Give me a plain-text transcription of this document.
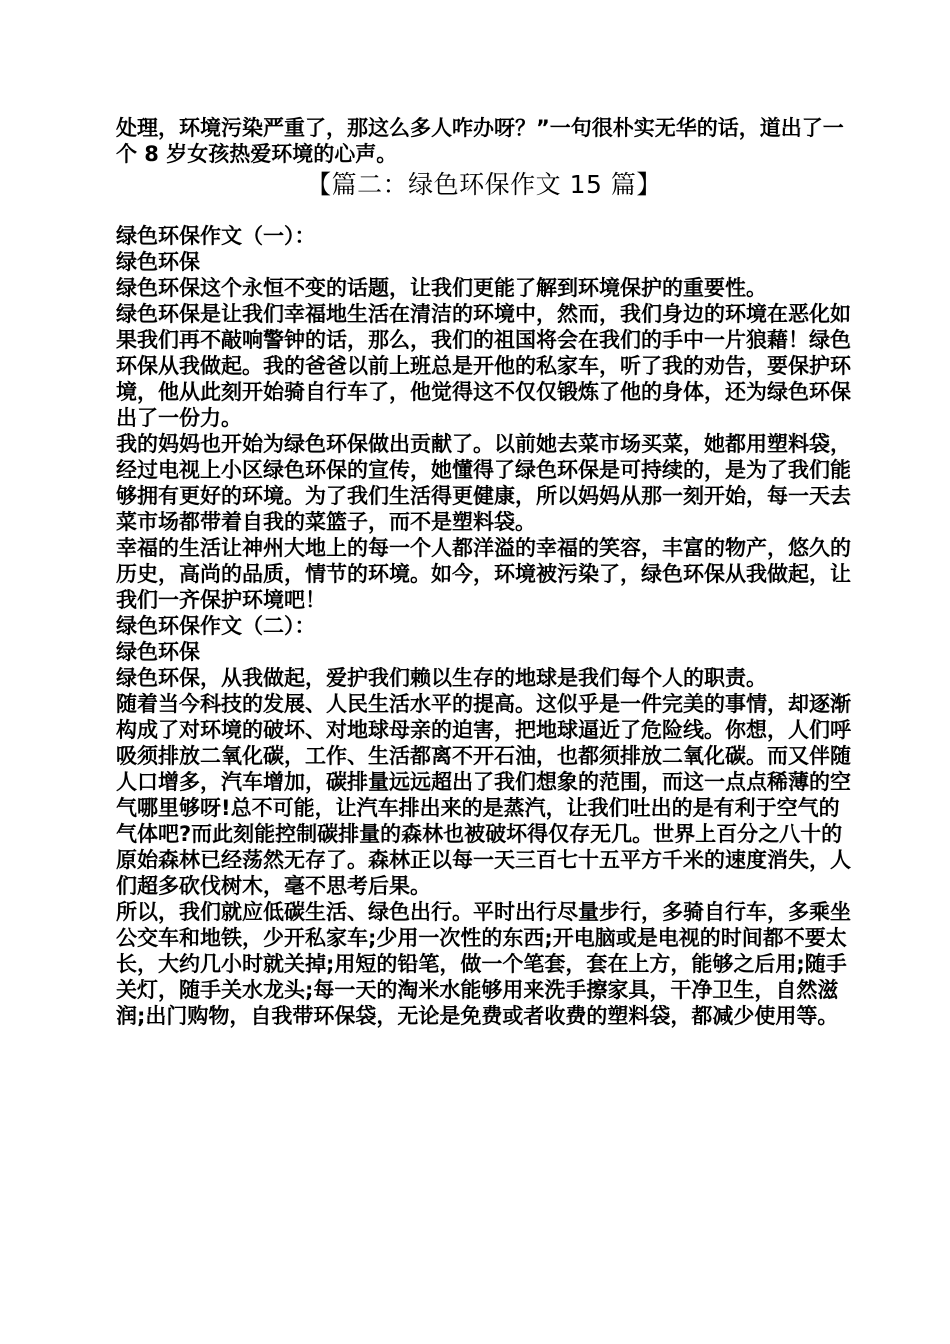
处理，环境污染严重了，那这么多人咋办呀？”一句很朴实无华的话，道出了一个 8 岁女孩热爱环境的心声。

【篇二：绿色环保作文 15 篇】

绿色环保作文（一）：

绿色环保

绿色环保这个永恒不变的话题，让我们更能了解到环境保护的重要性。

绿色环保是让我们幸福地生活在清洁的环境中，然而，我们身边的环境在恶化如果我们再不敲响警钟的话，那么，我们的祖国将会在我们的手中一片狼藉！绿色环保从我做起。我的爸爸以前上班总是开他的私家车，听了我的劝告，要保护环境，他从此刻开始骑自行车了，他觉得这不仅仅锻炼了他的身体，还为绿色环保出了一份力。

我的妈妈也开始为绿色环保做出贡献了。以前她去菜市场买菜，她都用塑料袋，经过电视上小区绿色环保的宣传，她懂得了绿色环保是可持续的，是为了我们能够拥有更好的环境。为了我们生活得更健康，所以妈妈从那一刻开始，每一天去菜市场都带着自我的菜篮子，而不是塑料袋。

幸福的生活让神州大地上的每一个人都洋溢的幸福的笑容，丰富的物产，悠久的历史，高尚的品质，情节的环境。如今，环境被污染了，绿色环保从我做起，让我们一齐保护环境吧！

绿色环保作文（二）：

绿色环保

绿色环保，从我做起，爱护我们赖以生存的地球是我们每个人的职责。

随着当今科技的发展、人民生活水平的提高。这似乎是一件完美的事情，却逐渐构成了对环境的破坏、对地球母亲的迫害，把地球逼近了危险线。你想，人们呼吸须排放二氧化碳，工作、生活都离不开石油，也都须排放二氧化碳。而又伴随人口增多，汽车增加，碳排量远远超出了我们想象的范围，而这一点点稀薄的空气哪里够呀!总不可能，让汽车排出来的是蒸汽，让我们吐出的是有利于空气的气体吧?而此刻能控制碳排量的森林也被破坏得仅存无几。世界上百分之八十的原始森林已经荡然无存了。森林正以每一天三百七十五平方千米的速度消失，人们超多砍伐树木，毫不思考后果。

所以，我们就应低碳生活、绿色出行。平时出行尽量步行，多骑自行车，多乘坐公交车和地铁，少开私家车;少用一次性的东西;开电脑或是电视的时间都不要太长，大约几小时就关掉;用短的铅笔，做一个笔套，套在上方，能够之后用;随手关灯，随手关水龙头;每一天的淘米水能够用来洗手擦家具，干净卫生，自然滋润;出门购物，自我带环保袋，无论是免费或者收费的塑料袋，都减少使用等。
